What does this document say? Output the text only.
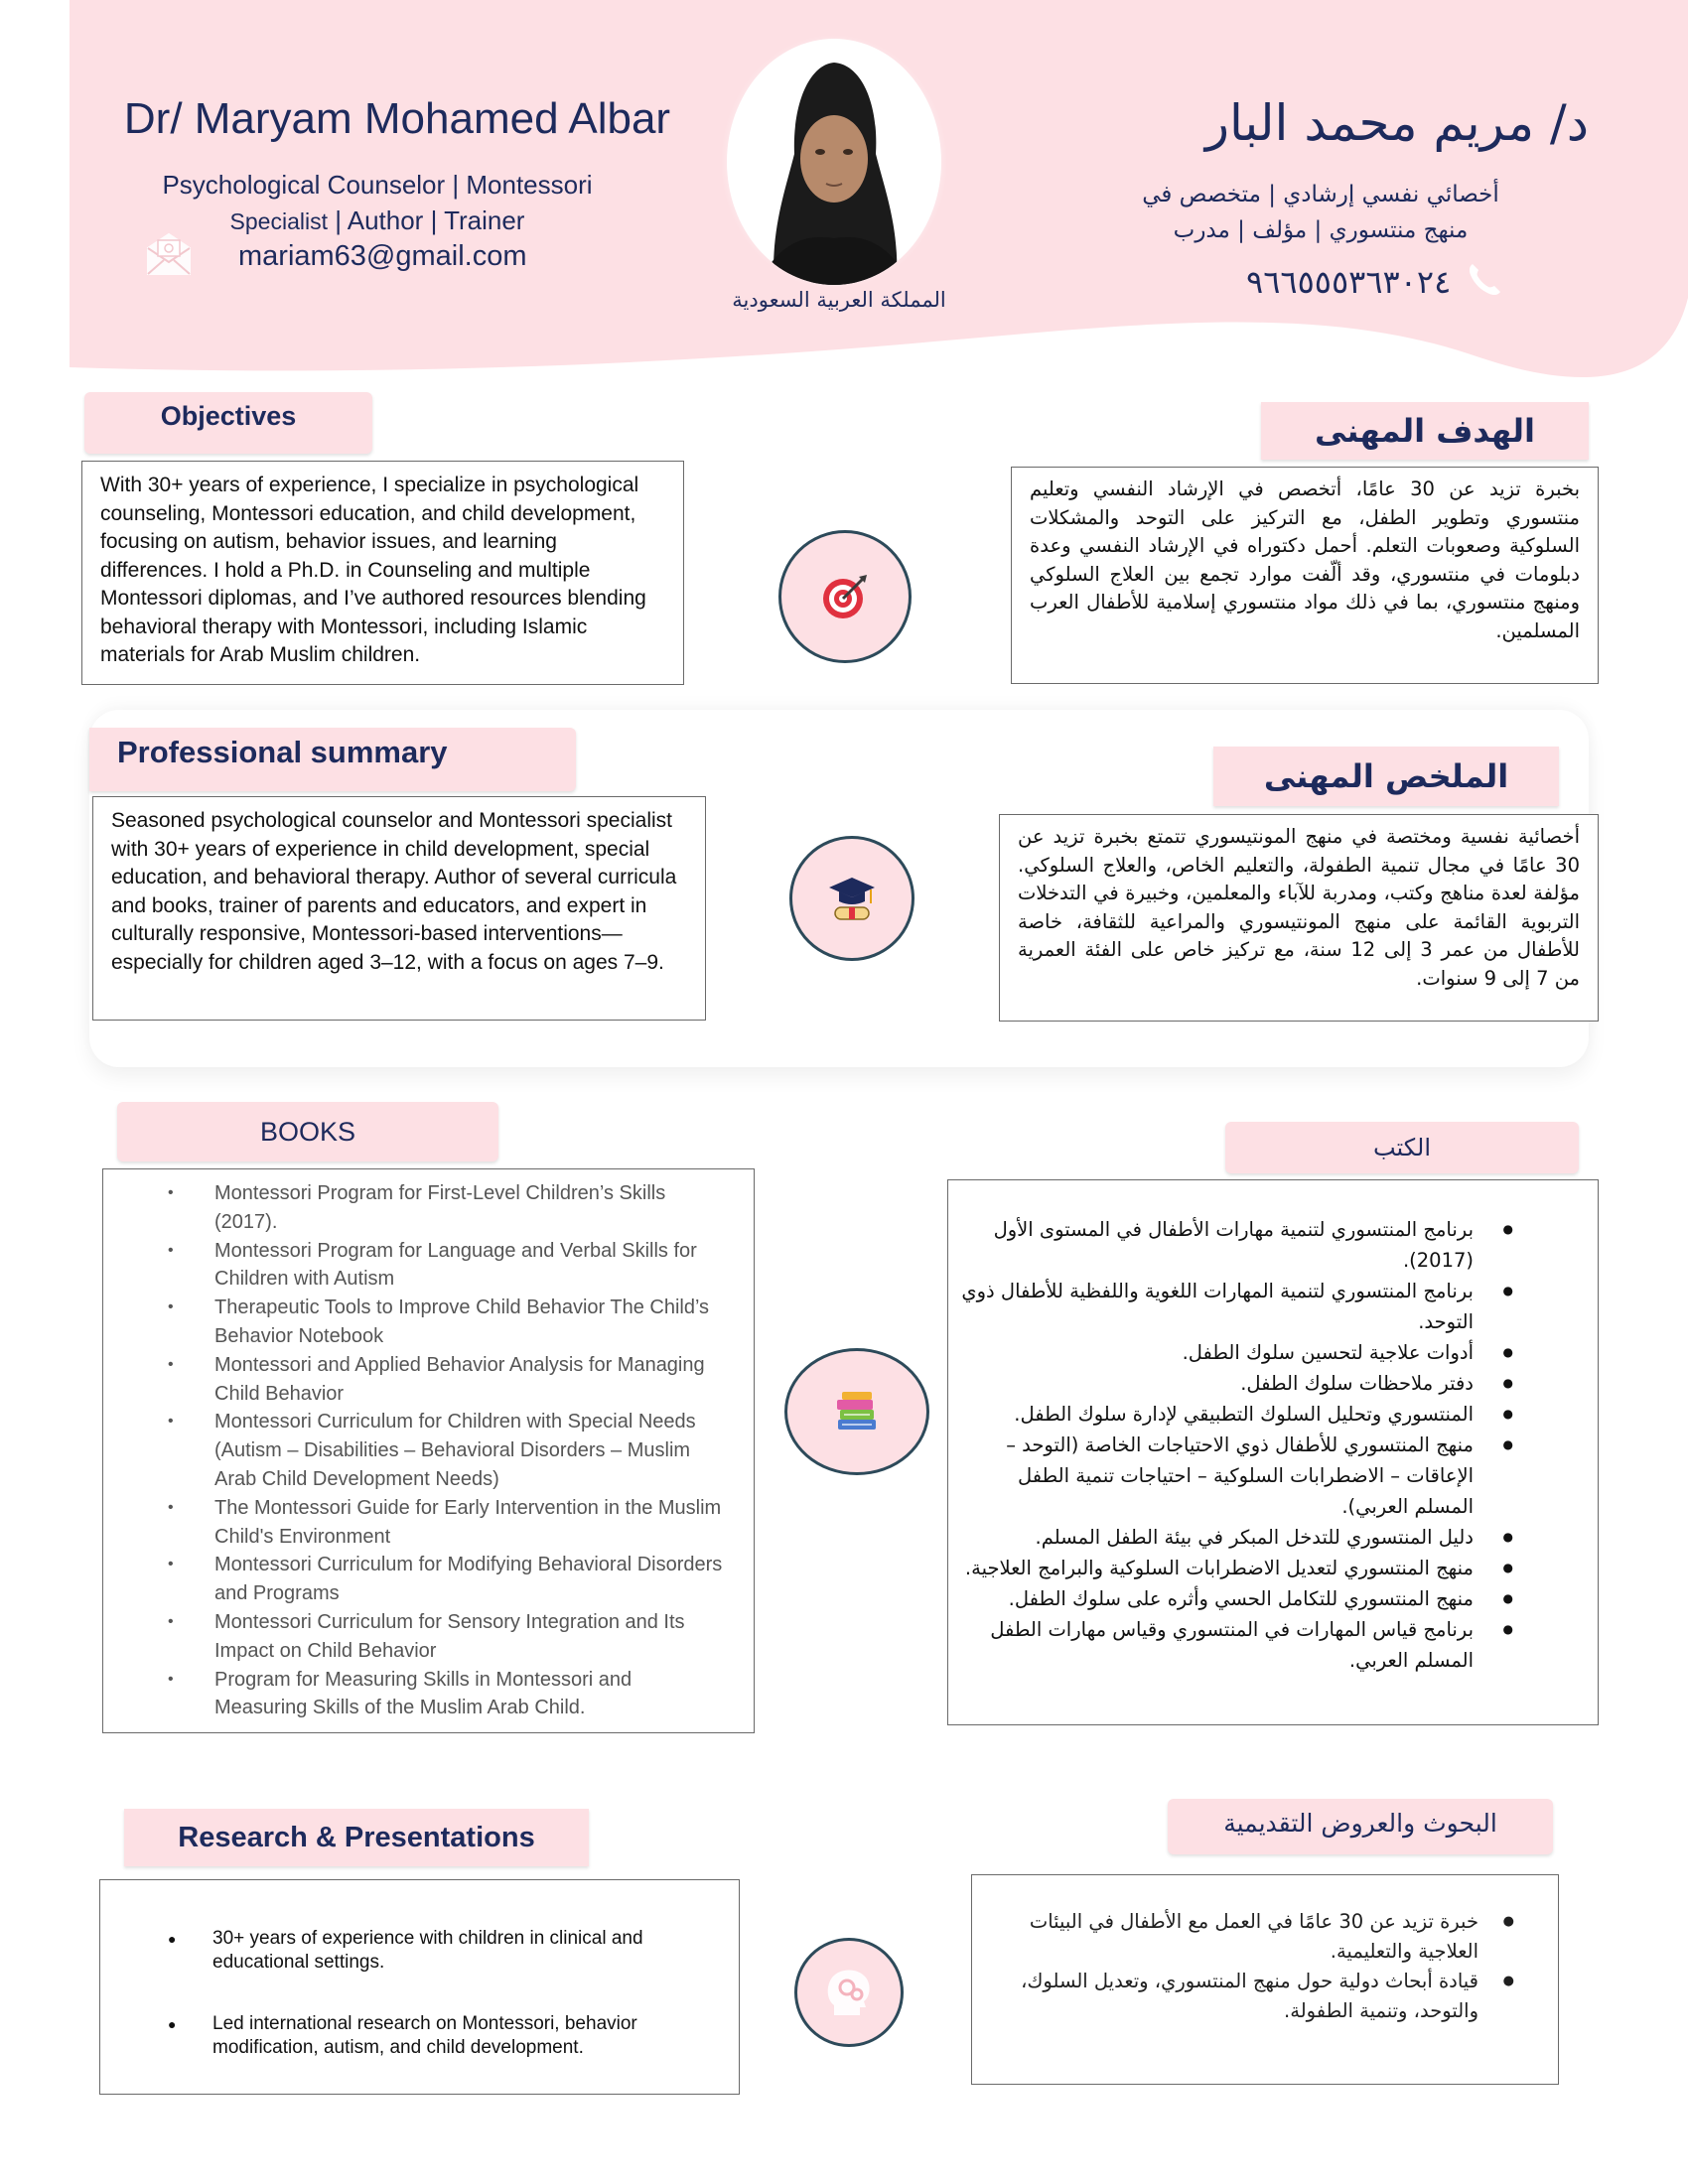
Dr/ Maryam Mohamed Albar
Psychological Counselor | Montessori
Specialist | Author | Trainer
mariam63@gmail.com
المملكة العربية السعودية
د/ مريم محمد البار
أخصائي نفسي إرشادي | متخصص في
منهج منتسوري | مؤلف | مدرب
٩٦٦٥٥٥٣٦٣٠٢٤
Objectives	الهدف المهنى
With 30+ years of experience, I specialize in psychological counseling, Montessori education, and child development, focusing on autism, behavior issues, and learning differences. I hold a Ph.D. in Counseling and multiple Montessori diplomas, and I’ve authored resources blending behavioral therapy with Montessori, including Islamic materials for Arab Muslim children.
بخبرة تزيد عن 30 عامًا، أتخصص في الإرشاد النفسي وتعليم منتسوري وتطوير الطفل، مع التركيز على التوحد والمشكلات السلوكية وصعوبات التعلم. أحمل دكتوراه في الإرشاد النفسي وعدة دبلومات في منتسوري، وقد ألّفت موارد تجمع بين العلاج السلوكي ومنهج منتسوري، بما في ذلك مواد منتسوري إسلامية للأطفال العرب المسلمين.
Professional summary
الملخص المهنى
Seasoned psychological counselor and Montessori specialist with 30+ years of experience in child development, special education, and behavioral therapy. Author of several curricula and books, trainer of parents and educators, and expert in culturally responsive, Montessori-based interventions—especially for children aged 3–12, with a focus on ages 7–9.
أخصائية نفسية ومختصة في منهج المونتيسوري تتمتع بخبرة تزيد عن 30 عامًا في مجال تنمية الطفولة، والتعليم الخاص، والعلاج السلوكي. مؤلفة لعدة مناهج وكتب، ومدربة للآباء والمعلمين، وخبيرة في التدخلات التربوية القائمة على منهج المونتيسوري والمراعية للثقافة، خاصة للأطفال من عمر 3 إلى 12 سنة، مع تركيز خاص على الفئة العمرية من 7 إلى 9 سنوات.
BOOKS
الكتب
• Montessori Program for First-Level Children’s Skills (2017).
• Montessori Program for Language and Verbal Skills for Children with Autism
• Therapeutic Tools to Improve Child Behavior The Child’s Behavior Notebook
• Montessori and Applied Behavior Analysis for Managing Child Behavior
• Montessori Curriculum for Children with Special Needs (Autism – Disabilities – Behavioral Disorders – Muslim Arab Child Development Needs)
• The Montessori Guide for Early Intervention in the Muslim Child's Environment
• Montessori Curriculum for Modifying Behavioral Disorders and Programs
• Montessori Curriculum for Sensory Integration and Its Impact on Child Behavior
• Program for Measuring Skills in Montessori and Measuring Skills of the Muslim Arab Child.
● برنامج المنتسوري لتنمية مهارات الأطفال في المستوى الأول (2017).
● برنامج المنتسوري لتنمية المهارات اللغوية واللفظية للأطفال ذوي التوحد.
● أدوات علاجية لتحسين سلوك الطفل.
● دفتر ملاحظات سلوك الطفل.
● المنتسوري وتحليل السلوك التطبيقي لإدارة سلوك الطفل.
● منهج المنتسوري للأطفال ذوي الاحتياجات الخاصة (التوحد – الإعاقات – الاضطرابات السلوكية – احتياجات تنمية الطفل المسلم العربي).
● دليل المنتسوري للتدخل المبكر في بيئة الطفل المسلم.
● منهج المنتسوري لتعديل الاضطرابات السلوكية والبرامج العلاجية.
● منهج المنتسوري للتكامل الحسي وأثره على سلوك الطفل.
● برنامج قياس المهارات في المنتسوري وقياس مهارات الطفل المسلم العربي.
Research & Presentations	البحوث والعروض التقديمية
● 30+ years of experience with children in clinical and educational settings.
● Led international research on Montessori, behavior modification, autism, and child development.
● خبرة تزيد عن 30 عامًا في العمل مع الأطفال في البيئات العلاجية والتعليمية.
● قيادة أبحاث دولية حول منهج المنتسوري، وتعديل السلوك، والتوحد، وتنمية الطفولة.
